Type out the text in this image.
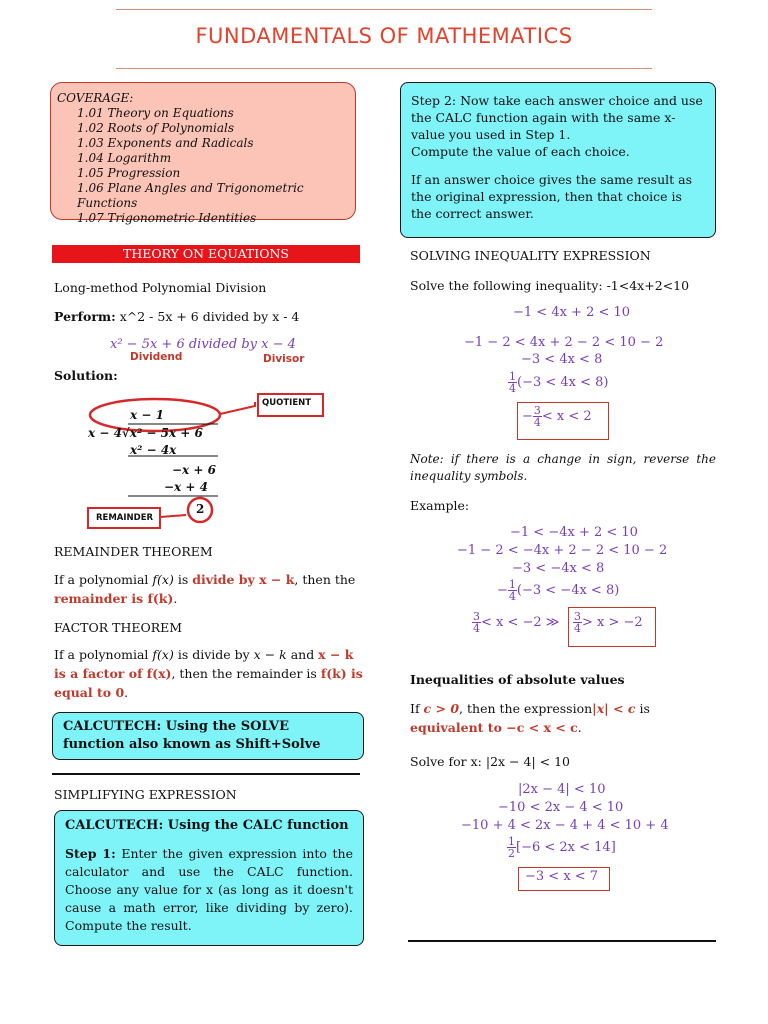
FUNDAMENTALS OF MATHEMATICS
COVERAGE:
1.01 Theory on Equations
1.02 Roots of Polynomials
1.03 Exponents and Radicals
1.04 Logarithm
1.05 Progression
1.06 Plane Angles and Trigonometric Functions
1.07 Trigonometric Identities
Step 2: Now take each answer choice and use the CALC function again with the same x-value you used in Step 1.
Compute the value of each choice.
If an answer choice gives the same result as the original expression, then that choice is the correct answer.
THEORY ON EQUATIONS
Long-method Polynomial Division
Perform: x^2 - 5x + 6 divided by x - 4
x² − 5x + 6 divided by x − 4
Dividend	Divisor
Solution:
QUOTIENT
REMAINDER
x − 1
x − 4√x² − 5x + 6
x² − 4x
−x + 6
−x + 4
2
REMAINDER THEOREM
If a polynomial f(x) is divide by x − k, then the remainder is f(k).
FACTOR THEOREM
If a polynomial f(x) is divide by x − k and x − k is a factor of f(x), then the remainder is f(k) is equal to 0.
CALCUTECH: Using the SOLVE function also known as Shift+Solve
SIMPLIFYING EXPRESSION
CALCUTECH: Using the CALC function
Step 1: Enter the given expression into the calculator and use the CALC function. Choose any value for x (as long as it doesn't cause a math error, like dividing by zero). Compute the result.
SOLVING INEQUALITY EXPRESSION
Solve the following inequality: -1<4x+2<10
−1 < 4x + 2 < 10
−1 − 2 < 4x + 2 − 2 < 10 − 2
−3 < 4x < 8
$\frac{1}{4} (-3 < 4x < 8)$
− $\frac{3}{4} < x < 2$
Note: if there is a change in sign, reverse the inequality symbols.
Example:
−1 < −4x + 2 < 10
−1 − 2 < −4x + 2 − 2 < 10 − 2
−3 < −4x < 8
− $\frac{1}{4} (-3 < -4x < 8)$
$\frac{3}{4} < x < -2$ ≫ $\frac{3}{4} > x > -2$
Inequalities of absolute values
If c > 0, then the expression|x| < c is
equivalent to −c < x < c.
Solve for x: |2x − 4| < 10
|2x − 4| < 10
−10 < 2x − 4 < 10
−10 + 4 < 2x − 4 + 4 < 10 + 4
$\frac{1}{2} [-6 < 2x < 14]$
−3 < x < 7
